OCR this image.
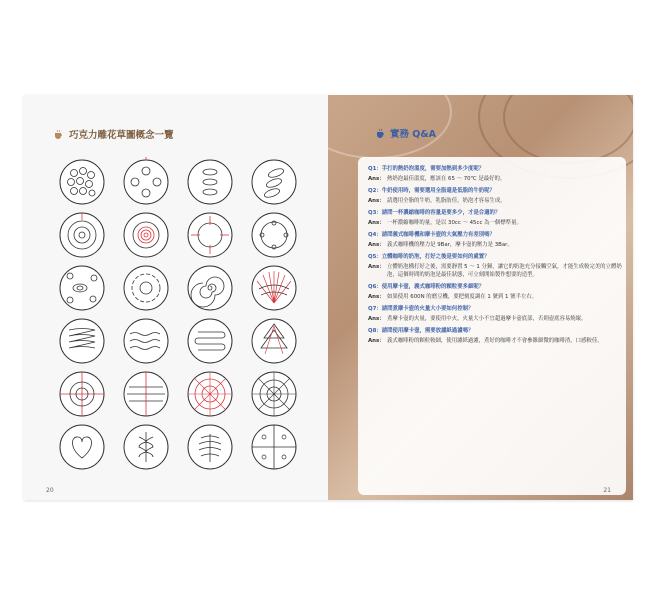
巧克力雕花草圖概念一覽
20
實務 Q&A
Q1：手打的熱奶泡溫度，需要加熱到多少度呢？
Ans： 熱奶泡最佳溫度，應該在 65 ～ 70℃ 是最好的。
Q2：牛奶使用時，需要選用全脂還是低脂的牛奶呢？
Ans： 請選用全脂的牛奶，乳脂肪佳，奶泡才容易生成。
Q3：請問一杯濃縮咖啡的容量是要多少，才是合適的？
Ans： 一杯濃縮咖啡的量，是以 30cc ～ 45cc 為一個標準量。
Q4：請問義式咖啡機和摩卡壺的大氣壓力有差別嗎？
Ans： 義式咖啡機的壓力是 9Bar，摩卡壺的壓力是 3Bar。
Q5：立體咖啡的奶泡，打好之後是要如何的處置？
Ans： 立體奶泡構打好之後，需要靜置 5 ～ 1 分鐘，讓它的奶泡充分接觸空氣，才能生成較完美的立體奶泡，這個時間的奶泡是最佳狀態，可立刻開始製作想要的造型。
Q6：使用摩卡壺，義式咖啡粉的顆粒要多細呢？
Ans： 如果使用 600N 的磨豆機，要把刻度調在 1 號到 1 號半左右。
Q7：請問煮摩卡壺的火量大小要如何控制？
Ans： 煮摩卡壺的火量，要使用中火，火量大小不宜超過摩卡壺底部，否則壺底容易燒壞。
Q8：請問使用摩卡壺，需要放濾紙過濾嗎？
Ans： 義式咖啡粉的顆粒較細，使用濾紙過濾，煮好的咖啡才不會參雜細微的咖啡渣，口感較佳。
21
